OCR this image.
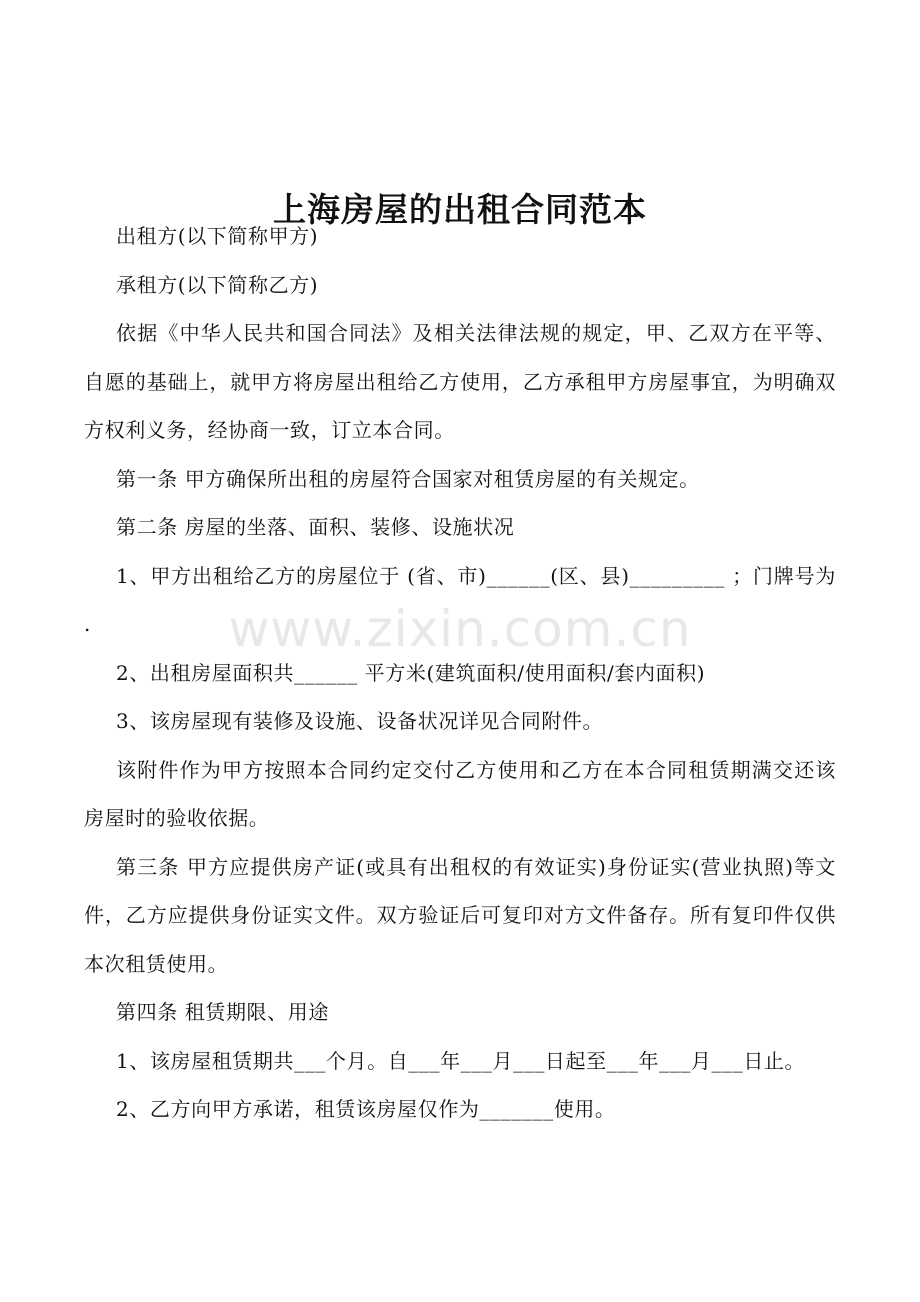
www.zixin.com.cn
上海房屋的出租合同范本

出租方(以下简称甲方)

承租方(以下简称乙方)

依据《中华人民共和国合同法》及相关法律法规的规定，甲、乙双方在平等、自愿的基础上，就甲方将房屋出租给乙方使用，乙方承租甲方房屋事宜，为明确双方权利义务，经协商一致，订立本合同。

第一条 甲方确保所出租的房屋符合国家对租赁房屋的有关规定。

第二条 房屋的坐落、面积、装修、设施状况

1、甲方出租给乙方的房屋位于 (省、市)______(区、县)_________ ；门牌号为 .

2、出租房屋面积共______ 平方米(建筑面积/使用面积/套内面积)

3、该房屋现有装修及设施、设备状况详见合同附件。

该附件作为甲方按照本合同约定交付乙方使用和乙方在本合同租赁期满交还该房屋时的验收依据。

第三条 甲方应提供房产证(或具有出租权的有效证实)身份证实(营业执照)等文件，乙方应提供身份证实文件。双方验证后可复印对方文件备存。所有复印件仅供本次租赁使用。

第四条 租赁期限、用途

1、该房屋租赁期共___个月。自___年___月___日起至___年___月___日止。

2、乙方向甲方承诺，租赁该房屋仅作为_______使用。
